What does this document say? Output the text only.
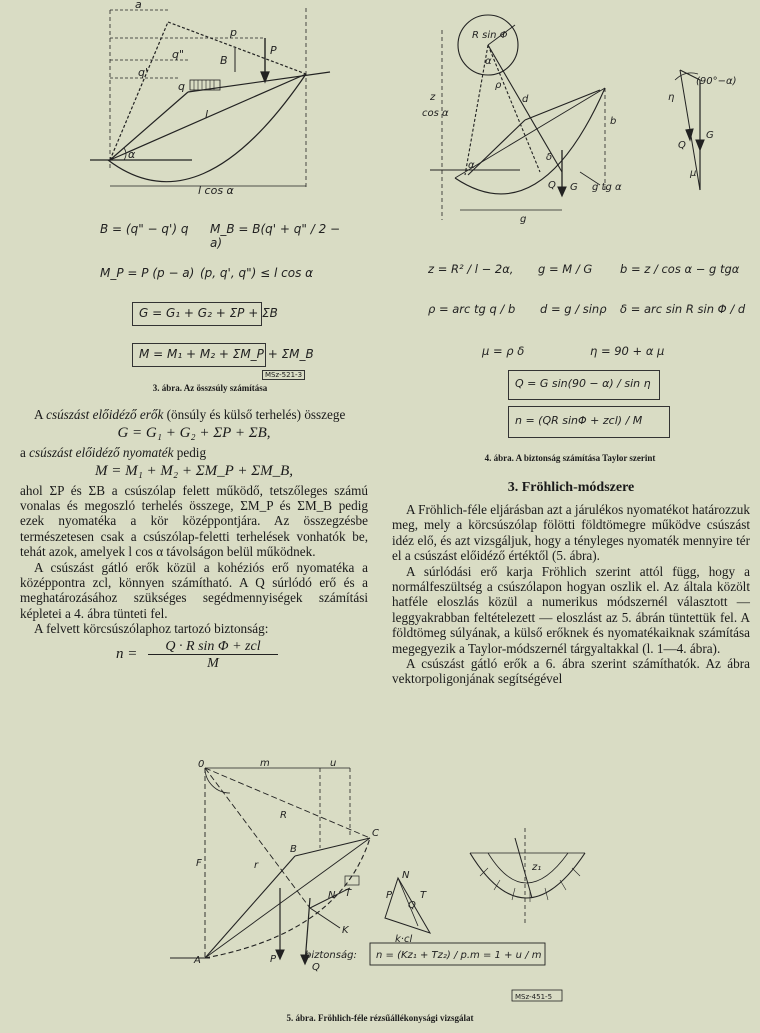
a
p
P
q"
q'
q
B
l
α
l cos α
B = (q" − q') q M_B = B(q' + q" / 2 − a)
M_P = P (p − a) (p, q', q") ≤ l cos α
G = G₁ + G₂ + ΣP + ΣB
M = M₁ + M₂ + ΣM_P + ΣM_B
MSz-521-3
3. ábra. Az összsúly számítása

A csúszást előidéző erők (önsúly és külső terhelés) összege

G = G₁ + G₂ + ΣP + ΣB,

a csúszást előidéző nyomaték pedig

M = M₁ + M₂ + ΣM_P + ΣM_B,

ahol ΣP és ΣB a csúszólap felett működő, tetszőleges számú vonalas és megoszló terhelés összege, ΣM_P és ΣM_B pedig ezek nyomatéka a kör középpontjára. Az összegzésbe természetesen csak a csúszólap-feletti terhelések vonhatók be, tehát azok, amelyek l cos α távolságon belül működnek.

A csúszást gátló erők közül a kohéziós erő nyomatéka a középpontra zcl, könnyen számítható. A Q súrlódó erő és a meghatározásához szükséges segédmennyiségek számítási képletei a 4. ábra tünteti fel.

A felvett körcsúszólaphoz tartozó biztonság:

n =	Q · R sin Φ + zcl
M
R sin Φ
α
ρ
z
cos α
b
d
δ
Q G g tg α
g
η
Q
G
μ
(90°−α)
α
z = R² / l − 2α, g = M / G b = z / cos α − g tgα
ρ = arc tg q / b d = g / sinρ δ = arc sin R sin Φ / d
μ = ρ δ	η = 90 + α μ
Q = G sin(90 − α) / sin η
n = (QR sinΦ + zcl) / M
4. ábra. A biztonság számítása Taylor szerint
3. Fröhlich-módszere

A Fröhlich-féle eljárásban azt a járulékos nyomatékot határozzuk meg, mely a körcsúszólap fölötti földtömegre működve csúszást idéz elő, és azt vizsgáljuk, hogy a tényleges nyomaték mennyire tér el a csúszást előidéző értéktől (5. ábra).

A súrlódási erő karja Fröhlich szerint attól függ, hogy a normálfeszültség a csúszólapon hogyan oszlik el. Az általa közölt hatféle eloszlás közül a numerikus módszernél választott — leggyakrabban feltételezett — eloszlást az 5. ábrán tüntettük fel. A földtömeg súlyának, a külső erőknek és nyomatékaiknak számítása megegyezik a Taylor-módszernél tárgyaltakkal (l. 1—4. ábra).

A csúszást gátló erők a 6. ábra szerint számíthatók. Az ábra vektorpoligonjának segítségével

0	m	u
R
B
C
A
F	r
T
N
K
P
Q
P
N
Q
T
k·cl
z₁
biztonság: n = (Kz₁ + Tz₂) / p.m = 1 + u / m
MSz-451-5
5. ábra. Fröhlich-féle rézsűállékonysági vizsgálat
